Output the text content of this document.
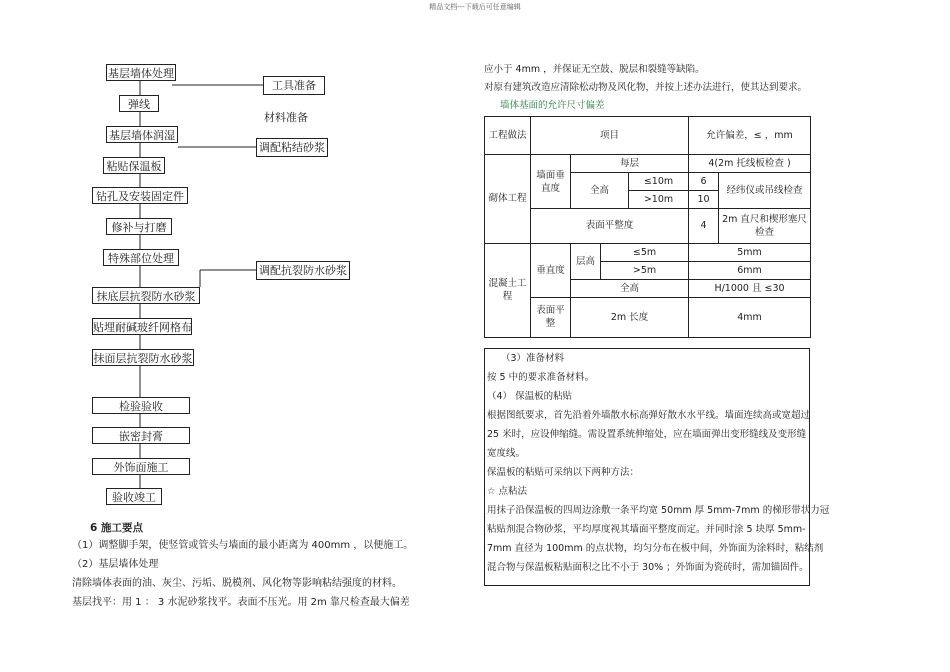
精品文档---下载后可任意编辑
基层墙体处理
弹线
基层墙体润湿
粘贴保温板
钻孔及安装固定件
修补与打磨
特殊部位处理
抹底层抗裂防水砂浆
贴埋耐碱玻纤网格布
抹面层抗裂防水砂浆
检验验收
嵌密封膏
外饰面施工
验收竣工
工具准备
材料准备
调配粘结砂浆
调配抗裂防水砂浆
6 施工要点
（1）调整脚手架，使竖管或管头与墙面的最小距离为 400mm ，以便施工。
（2）基层墙体处理
清除墙体表面的油、灰尘、污垢、脱模剂、风化物等影响粘结强度的材料。
基层找平：用 1 ： 3 水泥砂浆找平。表面不压光。用 2m 靠尺检查最大偏差
应小于 4mm ，并保证无空鼓、脱层和裂缝等缺陷。
对原有建筑改造应清除松动物及风化物，并按上述办法进行，使其达到要求。
墙体基面的允许尺寸偏差
工程做法	项目				允许偏差，≤ ，mm	
砌体工程	墙面垂直度	每层			4(2m 托线板检查 )	
		全高		≤10m	6	经纬仪或吊线检查
				>10m	10	
	表面平整度				4	2m 直尺和楔形塞尺检查
混凝土工程	垂直度	层高	≤5m		5mm	
			>5m		6mm	
		全高			H/1000 且 ≤30	
	表面平整	2m 长度			4mm	
（3）准备材料
按 5 中的要求准备材料。
（4） 保温板的粘贴
根据图纸要求，首先沿着外墙散水标高弹好散水水平线。墙面连续高或宽超过
25 米时，应设伸缩缝。需设置系统伸缩处，应在墙面弹出变形缝线及变形缝
宽度线。
保温板的粘贴可采纳以下两种方法：
☆ 点粘法
用抹子沿保温板的四周边涂敷一条平均宽 50mm 厚 5mm-7mm 的梯形带状力冠
粘贴剂混合物砂浆，平均厚度视其墙面平整度而定。并同时涂 5 块厚 5mm-
7mm 直径为 100mm 的点状物，均匀分布在板中间，外饰面为涂料时，粘结剂
混合物与保温板粘贴面积之比不小于 30% ；外饰面为瓷砖时，需加锚固件。
